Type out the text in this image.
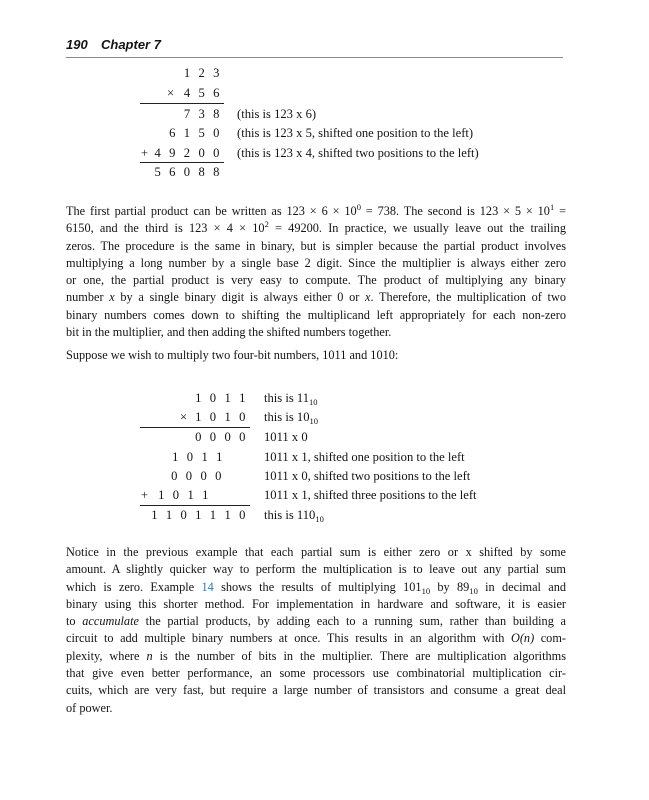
190 Chapter 7
1 2 3
× 4 5 6
7 3 8 (this is 123 x 6)
6 1 5 0 (this is 123 x 5, shifted one position to the left)
+ 4 9 2 0 0 (this is 123 x 4, shifted two positions to the left)
5 6 0 8 8
The first partial product can be written as $123 \times 6 \times 10^0 = 738$. The second is $123 \times 5 \times 10^1$ =
6150, and the third is $123 \times 4 \times 10^2 = 49200$. In practice, we usually leave out the trailing
zeros. The procedure is the same in binary, but is simpler because the partial product involves
multiplying a long number by a single base 2 digit. Since the multiplier is always either zero
or one, the partial product is very easy to compute. The product of multiplying any binary
number x by a single binary digit is always either 0 or x. Therefore, the multiplication of two
binary numbers comes down to shifting the multiplicand left appropriately for each non-zero
bit in the multiplier, and then adding the shifted numbers together.
Suppose we wish to multiply two four-bit numbers, 1011 and 1010:
1 0 1 1 this is $11_{10}$
× 1 0 1 0 this is $10_{10}$
0 0 0 0 1011 x 0
1 0 1 1	1011 x 1, shifted one position to the left
0 0 0 0	1011 x 0, shifted two positions to the left
+ 1 0 1 1	1011 x 1, shifted three positions to the left
1 1 0 1 1 1 0 this is $110_{10}$
Notice in the previous example that each partial sum is either zero or x shifted by some
amount. A slightly quicker way to perform the multiplication is to leave out any partial sum
which is zero. Example 14 shows the results of multiplying $101_{10}$ by $89_{10}$ in decimal and
binary using this shorter method. For implementation in hardware and software, it is easier
to accumulate the partial products, by adding each to a running sum, rather than building a
circuit to add multiple binary numbers at once. This results in an algorithm with O(n) com-
plexity, where n is the number of bits in the multiplier. There are multiplication algorithms
that give even better performance, an some processors use combinatorial multiplication cir-
cuits, which are very fast, but require a large number of transistors and consume a great deal
of power.
